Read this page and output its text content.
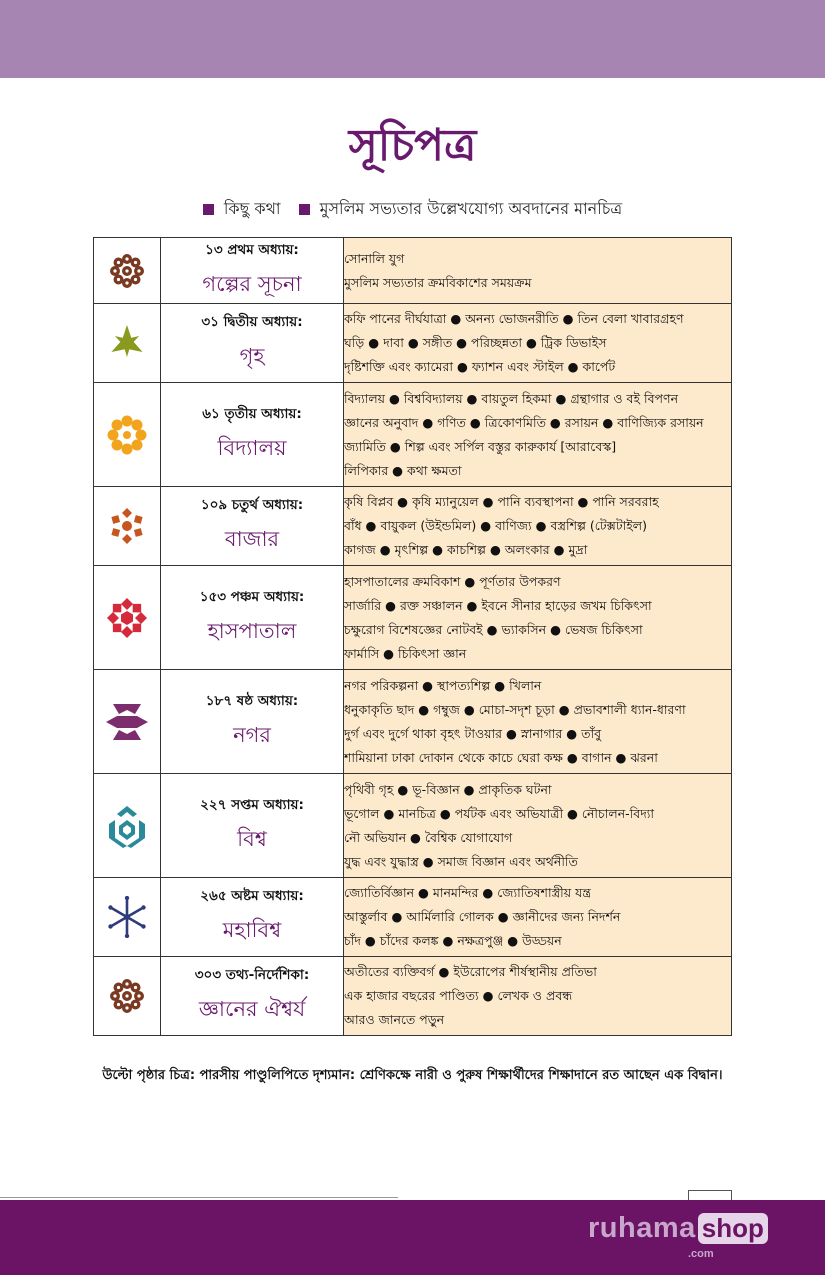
সূচিপত্র
কিছু কথা মুসলিম সভ্যতার উল্লেখযোগ্য অবদানের মানচিত্র

১৩ প্রথম অধ্যায়:
গল্পের সূচনা	সোনালি যুগ
মুসলিম সভ্যতার ক্রমবিকাশের সময়ক্রম

৩১ দ্বিতীয় অধ্যায়:
গৃহ	কফি পানের দীর্ঘযাত্রা ● অনন্য ভোজনরীতি ● তিন বেলা খাবারগ্রহণ
ঘড়ি ● দাবা ● সঙ্গীত ● পরিচ্ছন্নতা ● ট্রিক ডিভাইস
দৃষ্টিশক্তি এবং ক্যামেরা ● ফ্যাশন এবং স্টাইল ● কার্পেট

৬১ তৃতীয় অধ্যায়:
বিদ্যালয়	বিদ্যালয় ● বিশ্ববিদ্যালয় ● বায়তুল হিকমা ● গ্রন্থাগার ও বই বিপণন
জ্ঞানের অনুবাদ ● গণিত ● ত্রিকোণমিতি ● রসায়ন ● বাণিজ্যিক রসায়ন
জ্যামিতি ● শিল্প এবং সর্পিল বস্তুর কারুকার্য [আরাবেস্ক]
লিপিকার ● কথা ক্ষমতা

১০৯ চতুর্থ অধ্যায়:
বাজার	কৃষি বিপ্লব ● কৃষি ম্যানুয়েল ● পানি ব্যবস্থাপনা ● পানি সরবরাহ
বাঁধ ● বায়ুকল (উইন্ডমিল) ● বাণিজ্য ● বস্ত্রশিল্প (টেক্সটাইল)
কাগজ ● মৃৎশিল্প ● কাচশিল্প ● অলংকার ● মুদ্রা

১৫৩ পঞ্চম অধ্যায়:
হাসপাতাল	হাসপাতালের ক্রমবিকাশ ● পূর্ণতার উপকরণ
সার্জারি ● রক্ত সঞ্চালন ● ইবনে সীনার হাড়ের জখম চিকিৎসা
চক্ষুরোগ বিশেষজ্ঞের নোটবই ● ভ্যাকসিন ● ভেষজ চিকিৎসা
ফার্মাসি ● চিকিৎসা জ্ঞান

১৮৭ ষষ্ঠ অধ্যায়:
নগর	নগর পরিকল্পনা ● স্থাপত্যশিল্প ● খিলান
ধনুকাকৃতি ছাদ ● গম্বুজ ● মোচা-সদৃশ চূড়া ● প্রভাবশালী ধ্যান-ধারণা
দুর্গ এবং দুর্গে থাকা বৃহৎ টাওয়ার ● স্নানাগার ● তাঁবু
শামিয়ানা ঢাকা দোকান থেকে কাচে ঘেরা কক্ষ ● বাগান ● ঝরনা

২২৭ সপ্তম অধ্যায়:
বিশ্ব	পৃথিবী গৃহ ● ভূ-বিজ্ঞান ● প্রাকৃতিক ঘটনা
ভূগোল ● মানচিত্র ● পর্যটক এবং অভিযাত্রী ● নৌচালন-বিদ্যা
নৌ অভিযান ● বৈশ্বিক যোগাযোগ
যুদ্ধ এবং যুদ্ধাস্ত্র ● সমাজ বিজ্ঞান এবং অর্থনীতি

২৬৫ অষ্টম অধ্যায়:
মহাবিশ্ব	জ্যোতির্বিজ্ঞান ● মানমন্দির ● জ্যোতিষশাস্ত্রীয় যন্ত্র
আস্তুর্লাব ● আর্মিলারি গোলক ● জ্ঞানীদের জন্য নিদর্শন
চাঁদ ● চাঁদের কলঙ্ক ● নক্ষত্রপুঞ্জ ● উড্ডয়ন

৩০৩ তথ্য-নির্দেশিকা:
জ্ঞানের ঐশ্বর্য	অতীতের ব্যক্তিবর্গ ● ইউরোপের শীর্ষস্থানীয় প্রতিভা
এক হাজার বছরের পাণ্ডিত্য ● লেখক ও প্রবন্ধ
আরও জানতে পড়ুন
উল্টো পৃষ্ঠার চিত্র: পারসীয় পাণ্ডুলিপিতে দৃশ্যমান: শ্রেণিকক্ষে নারী ও পুরুষ শিক্ষার্থীদের শিক্ষাদানে রত আছেন এক বিদ্বান।
ruhama shop
.com
